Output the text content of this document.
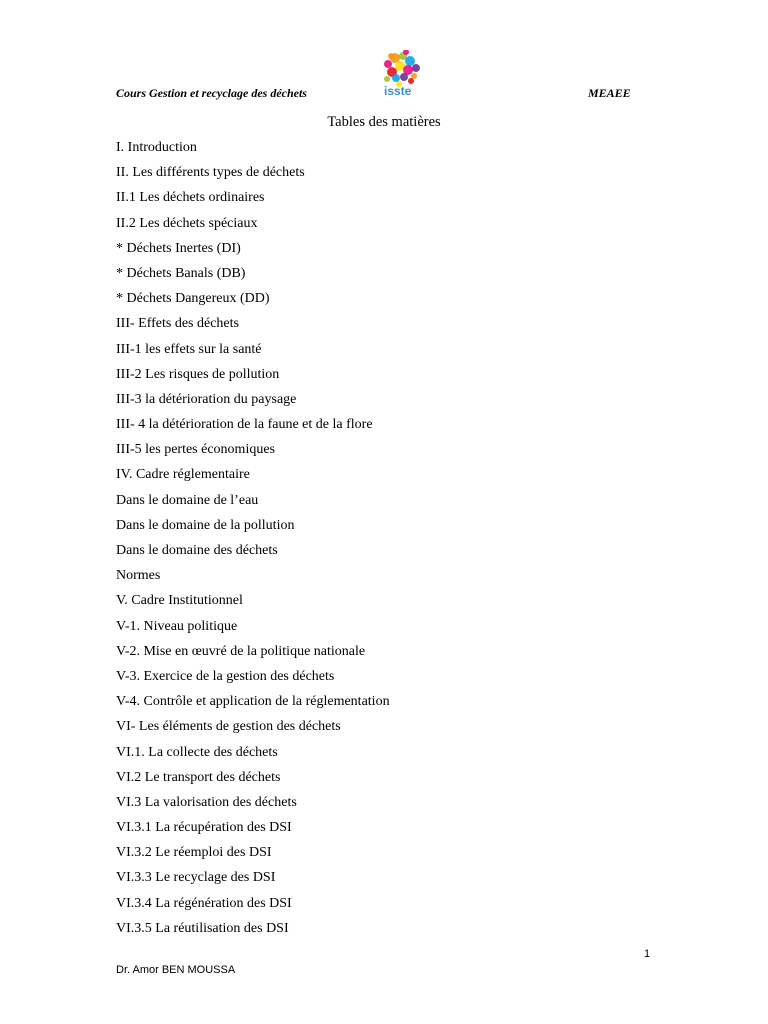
Cours Gestion et recyclage des déchets	isste	MEAEE
Tables des matières
I. Introduction
II. Les différents types de déchets
II.1 Les déchets ordinaires
II.2 Les déchets spéciaux
* Déchets Inertes (DI)
* Déchets Banals (DB)
* Déchets Dangereux (DD)
III- Effets des déchets
III-1 les effets sur la santé
III-2 Les risques de pollution
III-3 la détérioration du paysage
III- 4 la détérioration de la faune et de la flore
III-5 les pertes économiques
IV. Cadre réglementaire
Dans le domaine de l’eau
Dans le domaine de la pollution
Dans le domaine des déchets
Normes
V. Cadre Institutionnel
V-1. Niveau politique
V-2. Mise en œuvré de la politique nationale
V-3. Exercice de la gestion des déchets
V-4. Contrôle et application de la réglementation
VI- Les éléments de gestion des déchets
VI.1. La collecte des déchets
VI.2 Le transport des déchets
VI.3 La valorisation des déchets
VI.3.1 La récupération des DSI
VI.3.2 Le réemploi des DSI
VI.3.3 Le recyclage des DSI
VI.3.4 La régénération des DSI
VI.3.5 La réutilisation des DSI
1
Dr. Amor BEN MOUSSA
